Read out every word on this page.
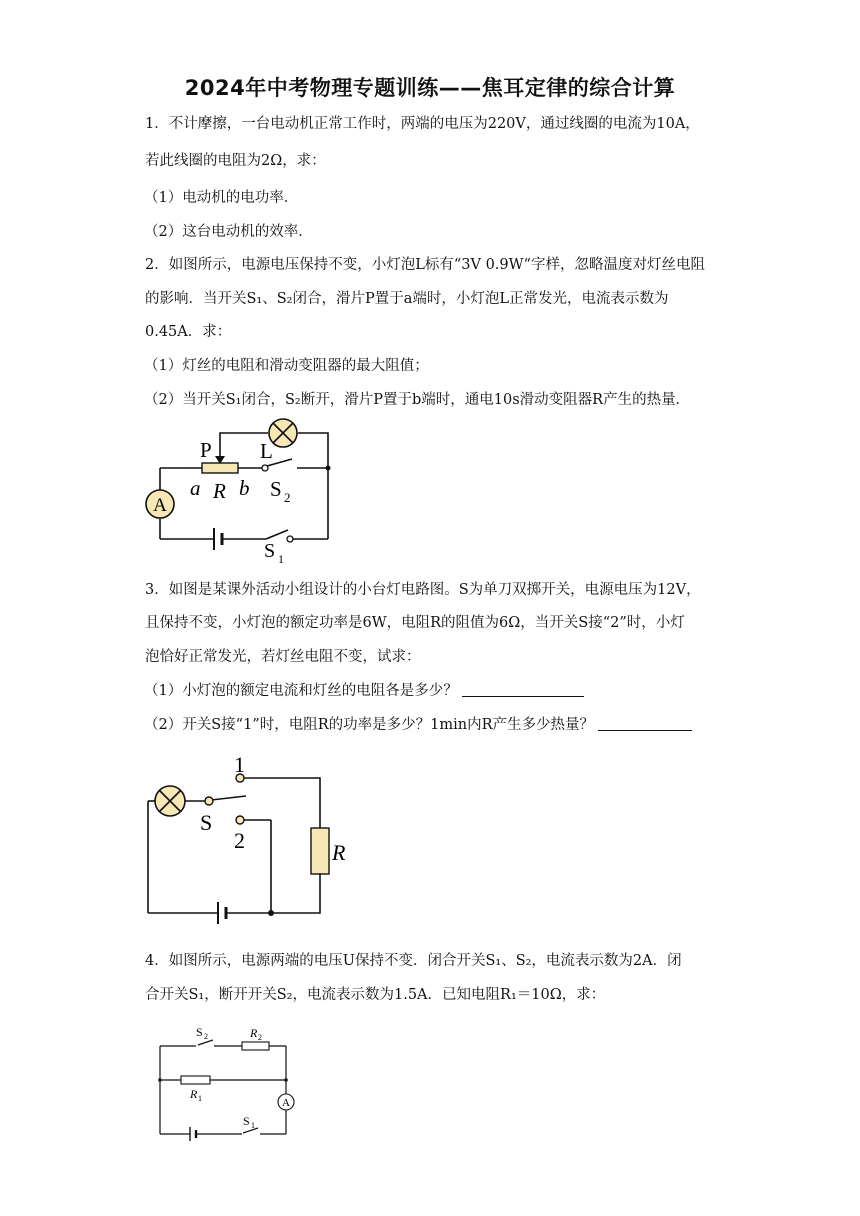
2024年中考物理专题训练——焦耳定律的综合计算
1．不计摩擦，一台电动机正常工作时，两端的电压为220V，通过线圈的电流为10A，
若此线圈的电阻为2Ω，求：
（1）电动机的电功率．
（2）这台电动机的效率．
2．如图所示，电源电压保持不变，小灯泡L标有“3V 0.9W“字样，忽略温度对灯丝电阻
的影响．当开关S₁、S₂闭合，滑片P置于a端时，小灯泡L正常发光，电流表示数为
0.45A．求：
（1）灯丝的电阻和滑动变阻器的最大阻值；
（2）当开关S₁闭合，S₂断开，滑片P置于b端时，通电10s滑动变阻器R产生的热量．
A
P L
a R b S 2
S 1
3．如图是某课外活动小组设计的小台灯电路图。S为单刀双掷开关，电源电压为12V，
且保持不变，小灯泡的额定功率是6W，电阻R的阻值为6Ω，当开关S接“2”时，小灯
泡恰好正常发光，若灯丝电阻不变，试求：
（1）小灯泡的额定电流和灯丝的电阻各是多少？
（2）开关S接“1”时，电阻R的功率是多少？1min内R产生多少热量？
1
S
2	R
4．如图所示，电源两端的电压U保持不变．闭合开关S₁、S₂，电流表示数为2A．闭
合开关S₁，断开开关S₂，电流表示数为1.5A．已知电阻R₁＝10Ω，求：
A
S 2	R 2
R 1
S 1
